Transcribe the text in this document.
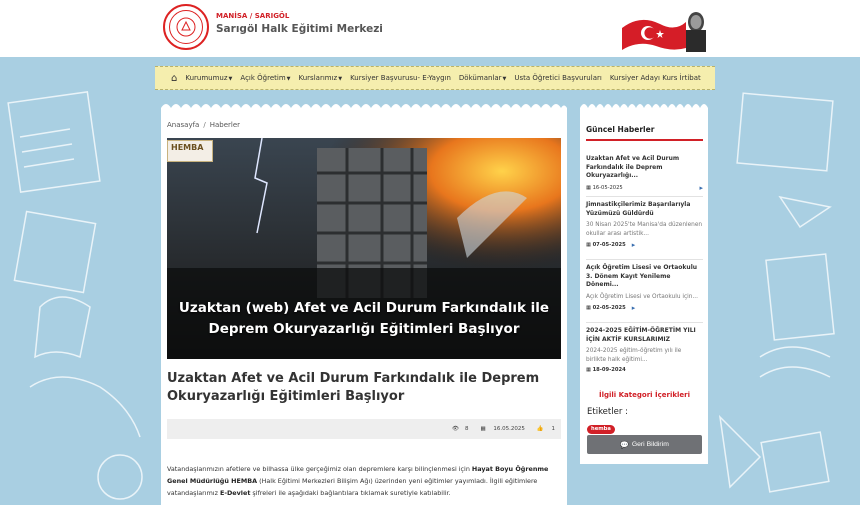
MANİSA / SARIGÖL
Sarıgöl Halk Eğitimi Merkezi
⌂ Kurumumuz▼ Açık Öğretim▼ Kurslarımız▼ Kursiyer Başvurusu- E-Yaygın Dökümanlar▼ Usta Öğretici Başvuruları Kursiyer Adayı Kurs İrtibat
Anasayfa / Haberler
HEMBA
Uzaktan (web) Afet ve Acil Durum Farkındalık ile
Deprem Okuryazarlığı Eğitimleri Başlıyor
Uzaktan Afet ve Acil Durum Farkındalık ile Deprem Okuryazarlığı Eğitimleri Başlıyor
👁 8	▦ 16.05.2025	👍 1
Vatandaşlarımızın afetlere ve bilhassa ülke gerçeğimiz olan depremlere karşı bilinçlenmesi için Hayat Boyu Öğrenme Genel Müdürlüğü HEMBA (Halk Eğitimi Merkezleri Bilişim Ağı) üzerinden yeni eğitimler yayımladı. İlgili eğitimlere vatandaşlarımız E-Devlet şifreleri ile aşağıdaki bağlantılara tıklamak suretiyle katılabilir.
Güncel Haberler
Uzaktan Afet ve Acil Durum Farkındalık ile Deprem Okuryazarlığı...
▦ 16-05-2025	▸
Jimnastikçilerimiz Başarılarıyla Yüzümüzü Güldürdü
30 Nisan 2025'te Manisa'da düzenlenen okullar arası artistik...
▦ 07-05-2025 ▸
Açık Öğretim Lisesi ve Ortaokulu 3. Dönem Kayıt Yenileme Dönemi...
Açık Öğretim Lisesi ve Ortaokulu için...
▦ 02-05-2025 ▸
2024-2025 EĞİTİM-ÖĞRETİM YILI İÇİN AKTİF KURSLARIMIZ
2024-2025 eğitim-öğretim yılı ile birlikte halk eğitimi...
▦ 18-09-2024
İlgili Kategori İçerikleri
Etiketler :
hemba
💬 Geri Bildirim
